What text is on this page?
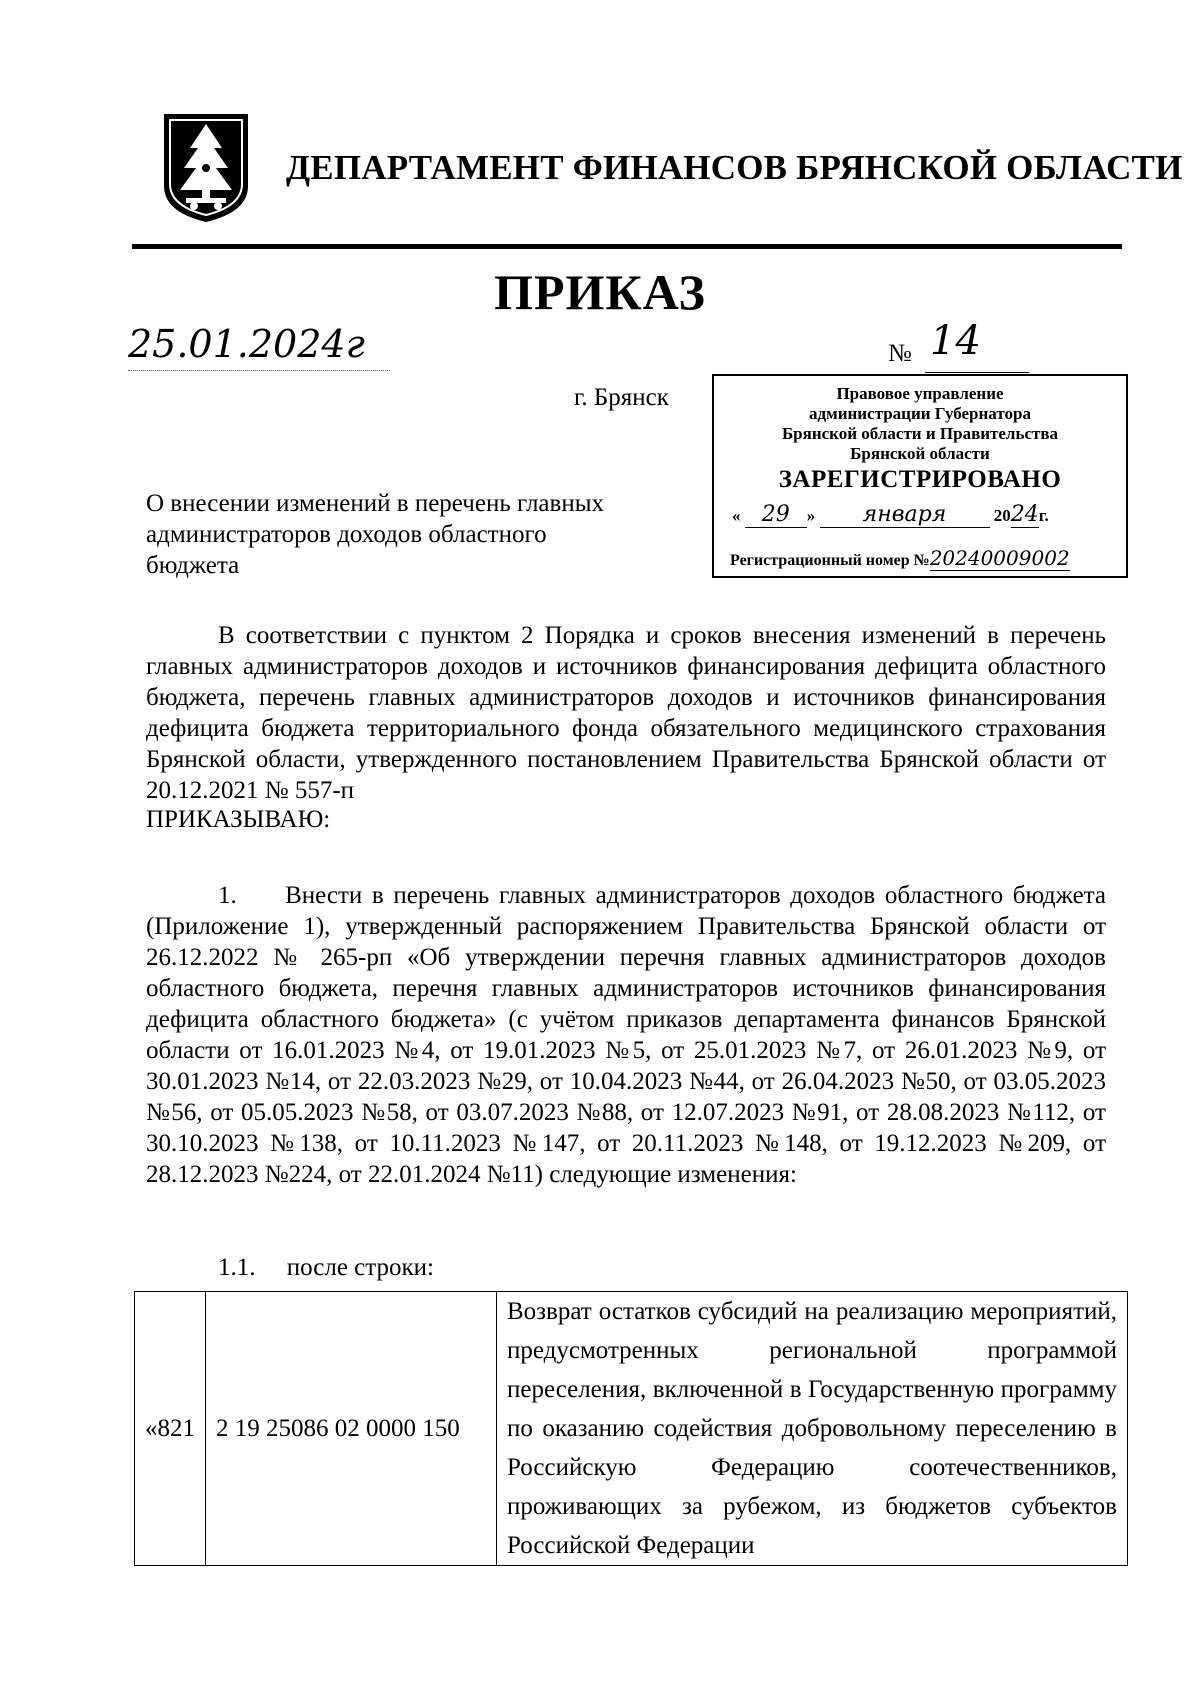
ДЕПАРТАМЕНТ ФИНАНСОВ БРЯНСКОЙ ОБЛАСТИ
ПРИКАЗ
25.01.2024г	№ 14
г. Брянск	Правовое управление
администрации Губернатора
Брянской области и Правительства
Брянской области
ЗАРЕГИСТРИРОВАНО
« 29 » января	2024г.
Регистрационный номер №20240009002
О внесении изменений в перечень главных администраторов доходов областного бюджета
В соответствии с пунктом 2 Порядка и сроков внесения изменений в перечень главных администраторов доходов и источников финансирования дефицита областного бюджета, перечень главных администраторов доходов и источников финансирования дефицита бюджета территориального фонда обязательного медицинского страхования Брянской области, утвержденного постановлением Правительства Брянской области от 20.12.2021 № 557-п
ПРИКАЗЫВАЮ:
1.     Внести в перечень главных администраторов доходов областного бюджета (Приложение 1), утвержденный распоряжением Правительства Брянской области от 26.12.2022 № 265-рп «Об утверждении перечня главных администраторов доходов областного бюджета, перечня главных администраторов источников финансирования дефицита областного бюджета» (с учётом приказов департамента финансов Брянской области от 16.01.2023 №4, от 19.01.2023 №5, от 25.01.2023 №7, от 26.01.2023 №9, от 30.01.2023 №14, от 22.03.2023 №29, от 10.04.2023 №44, от 26.04.2023 №50, от 03.05.2023 №56, от 05.05.2023 №58, от 03.07.2023 №88, от 12.07.2023 №91, от 28.08.2023 №112, от 30.10.2023 №138, от 10.11.2023 №147, от 20.11.2023 №148, от 19.12.2023 №209, от 28.12.2023 №224, от 22.01.2024 №11) следующие изменения:
1.1.     после строки:
«821	2 19 25086 02 0000 150	Возврат остатков субсидий на реализацию мероприятий, предусмотренных региональной программой переселения, включенной в Государственную программу по оказанию содействия добровольному переселению в Российскую Федерацию соотечественников, проживающих за рубежом, из бюджетов субъектов Российской Федерации
